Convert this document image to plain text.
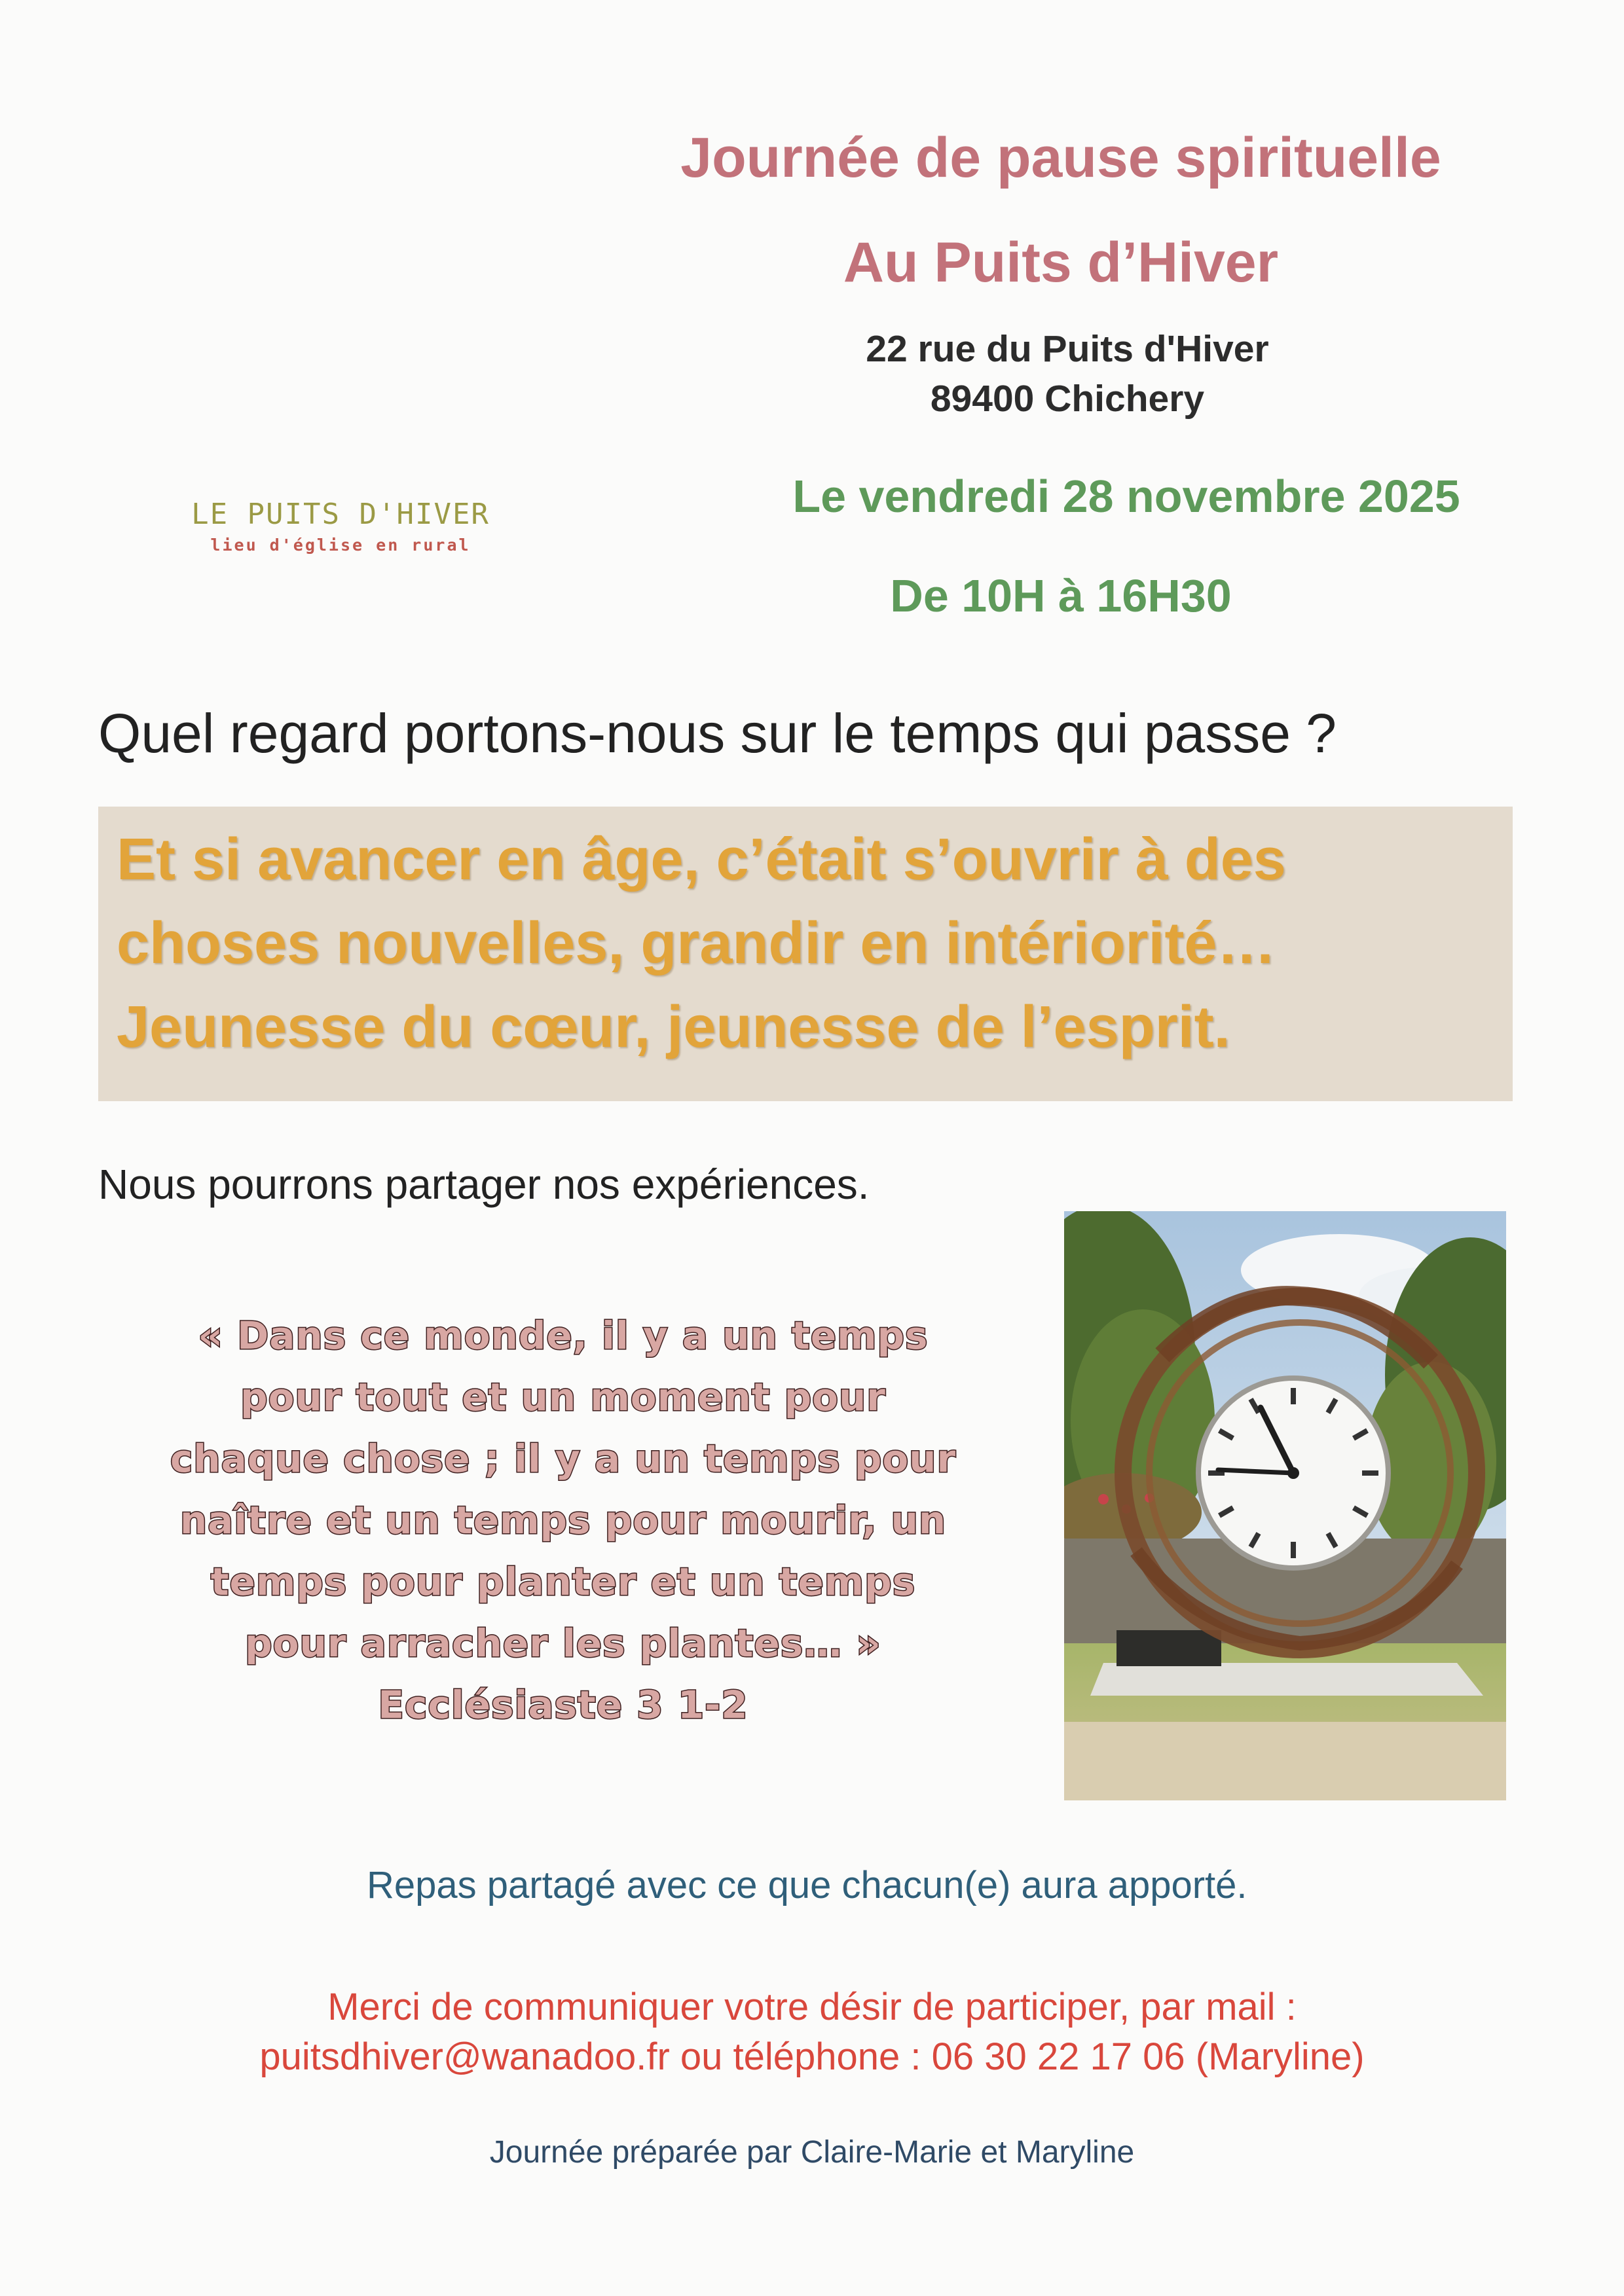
LE PUITS D'HIVER
lieu d'église en rural
Journée de pause spirituelle
Au Puits d’Hiver
22 rue du Puits d'Hiver
89400 Chichery
Le vendredi 28 novembre 2025
De 10H à 16H30
Quel regard portons-nous sur le temps qui passe ?
Et si avancer en âge, c’était s’ouvrir à des
choses nouvelles, grandir en intériorité…
Jeunesse du cœur, jeunesse de l’esprit.
Nous pourrons partager nos expériences.
« Dans ce monde, il y a un temps
pour tout et un moment pour
chaque chose ; il y a un temps pour
naître et un temps pour mourir, un
temps pour planter et un temps
pour arracher les plantes… »
Ecclésiaste 3 1-2
Repas partagé avec ce que chacun(e) aura apporté.
Merci de communiquer votre désir de participer, par mail :
puitsdhiver@wanadoo.fr ou téléphone : 06 30 22 17 06 (Maryline)
Journée préparée par Claire-Marie et Maryline
